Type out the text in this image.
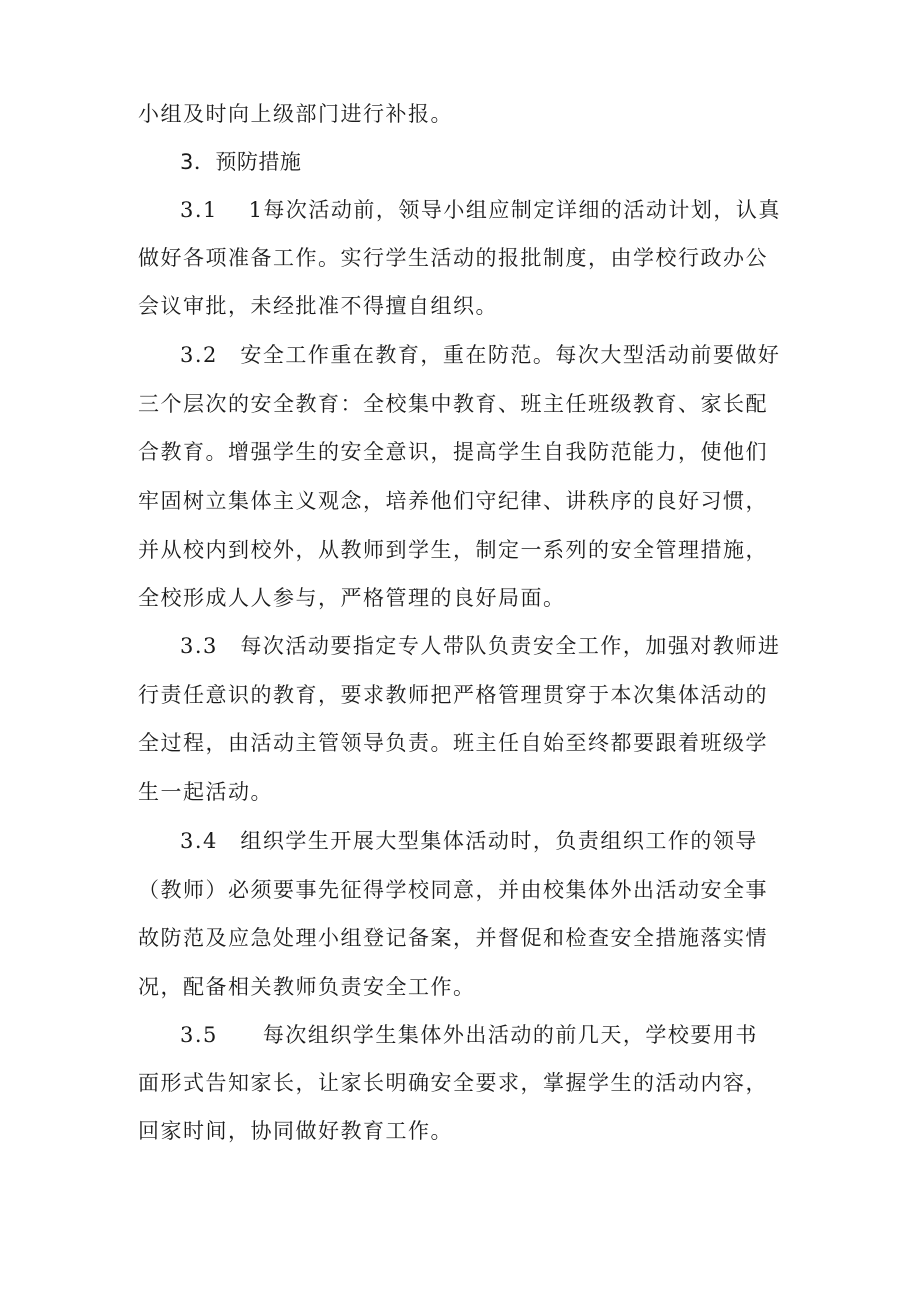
小组及时向上级部门进行补报。
3．预防措施
3.1　 1每次活动前，领导小组应制定详细的活动计划，认真
做好各项准备工作。实行学生活动的报批制度，由学校行政办公
会议审批，未经批准不得擅自组织。
3.2　安全工作重在教育，重在防范。每次大型活动前要做好
三个层次的安全教育：全校集中教育、班主任班级教育、家长配
合教育。增强学生的安全意识，提高学生自我防范能力，使他们
牢固树立集体主义观念，培养他们守纪律、讲秩序的良好习惯，
并从校内到校外，从教师到学生，制定一系列的安全管理措施，
全校形成人人参与，严格管理的良好局面。
3.3　每次活动要指定专人带队负责安全工作，加强对教师进
行责任意识的教育，要求教师把严格管理贯穿于本次集体活动的
全过程，由活动主管领导负责。班主任自始至终都要跟着班级学
生一起活动。
3.4　组织学生开展大型集体活动时，负责组织工作的领导
（教师）必须要事先征得学校同意，并由校集体外出活动安全事
故防范及应急处理小组登记备案，并督促和检查安全措施落实情
况，配备相关教师负责安全工作。
3.5　　每次组织学生集体外出活动的前几天，学校要用书
面形式告知家长，让家长明确安全要求，掌握学生的活动内容，
回家时间，协同做好教育工作。
